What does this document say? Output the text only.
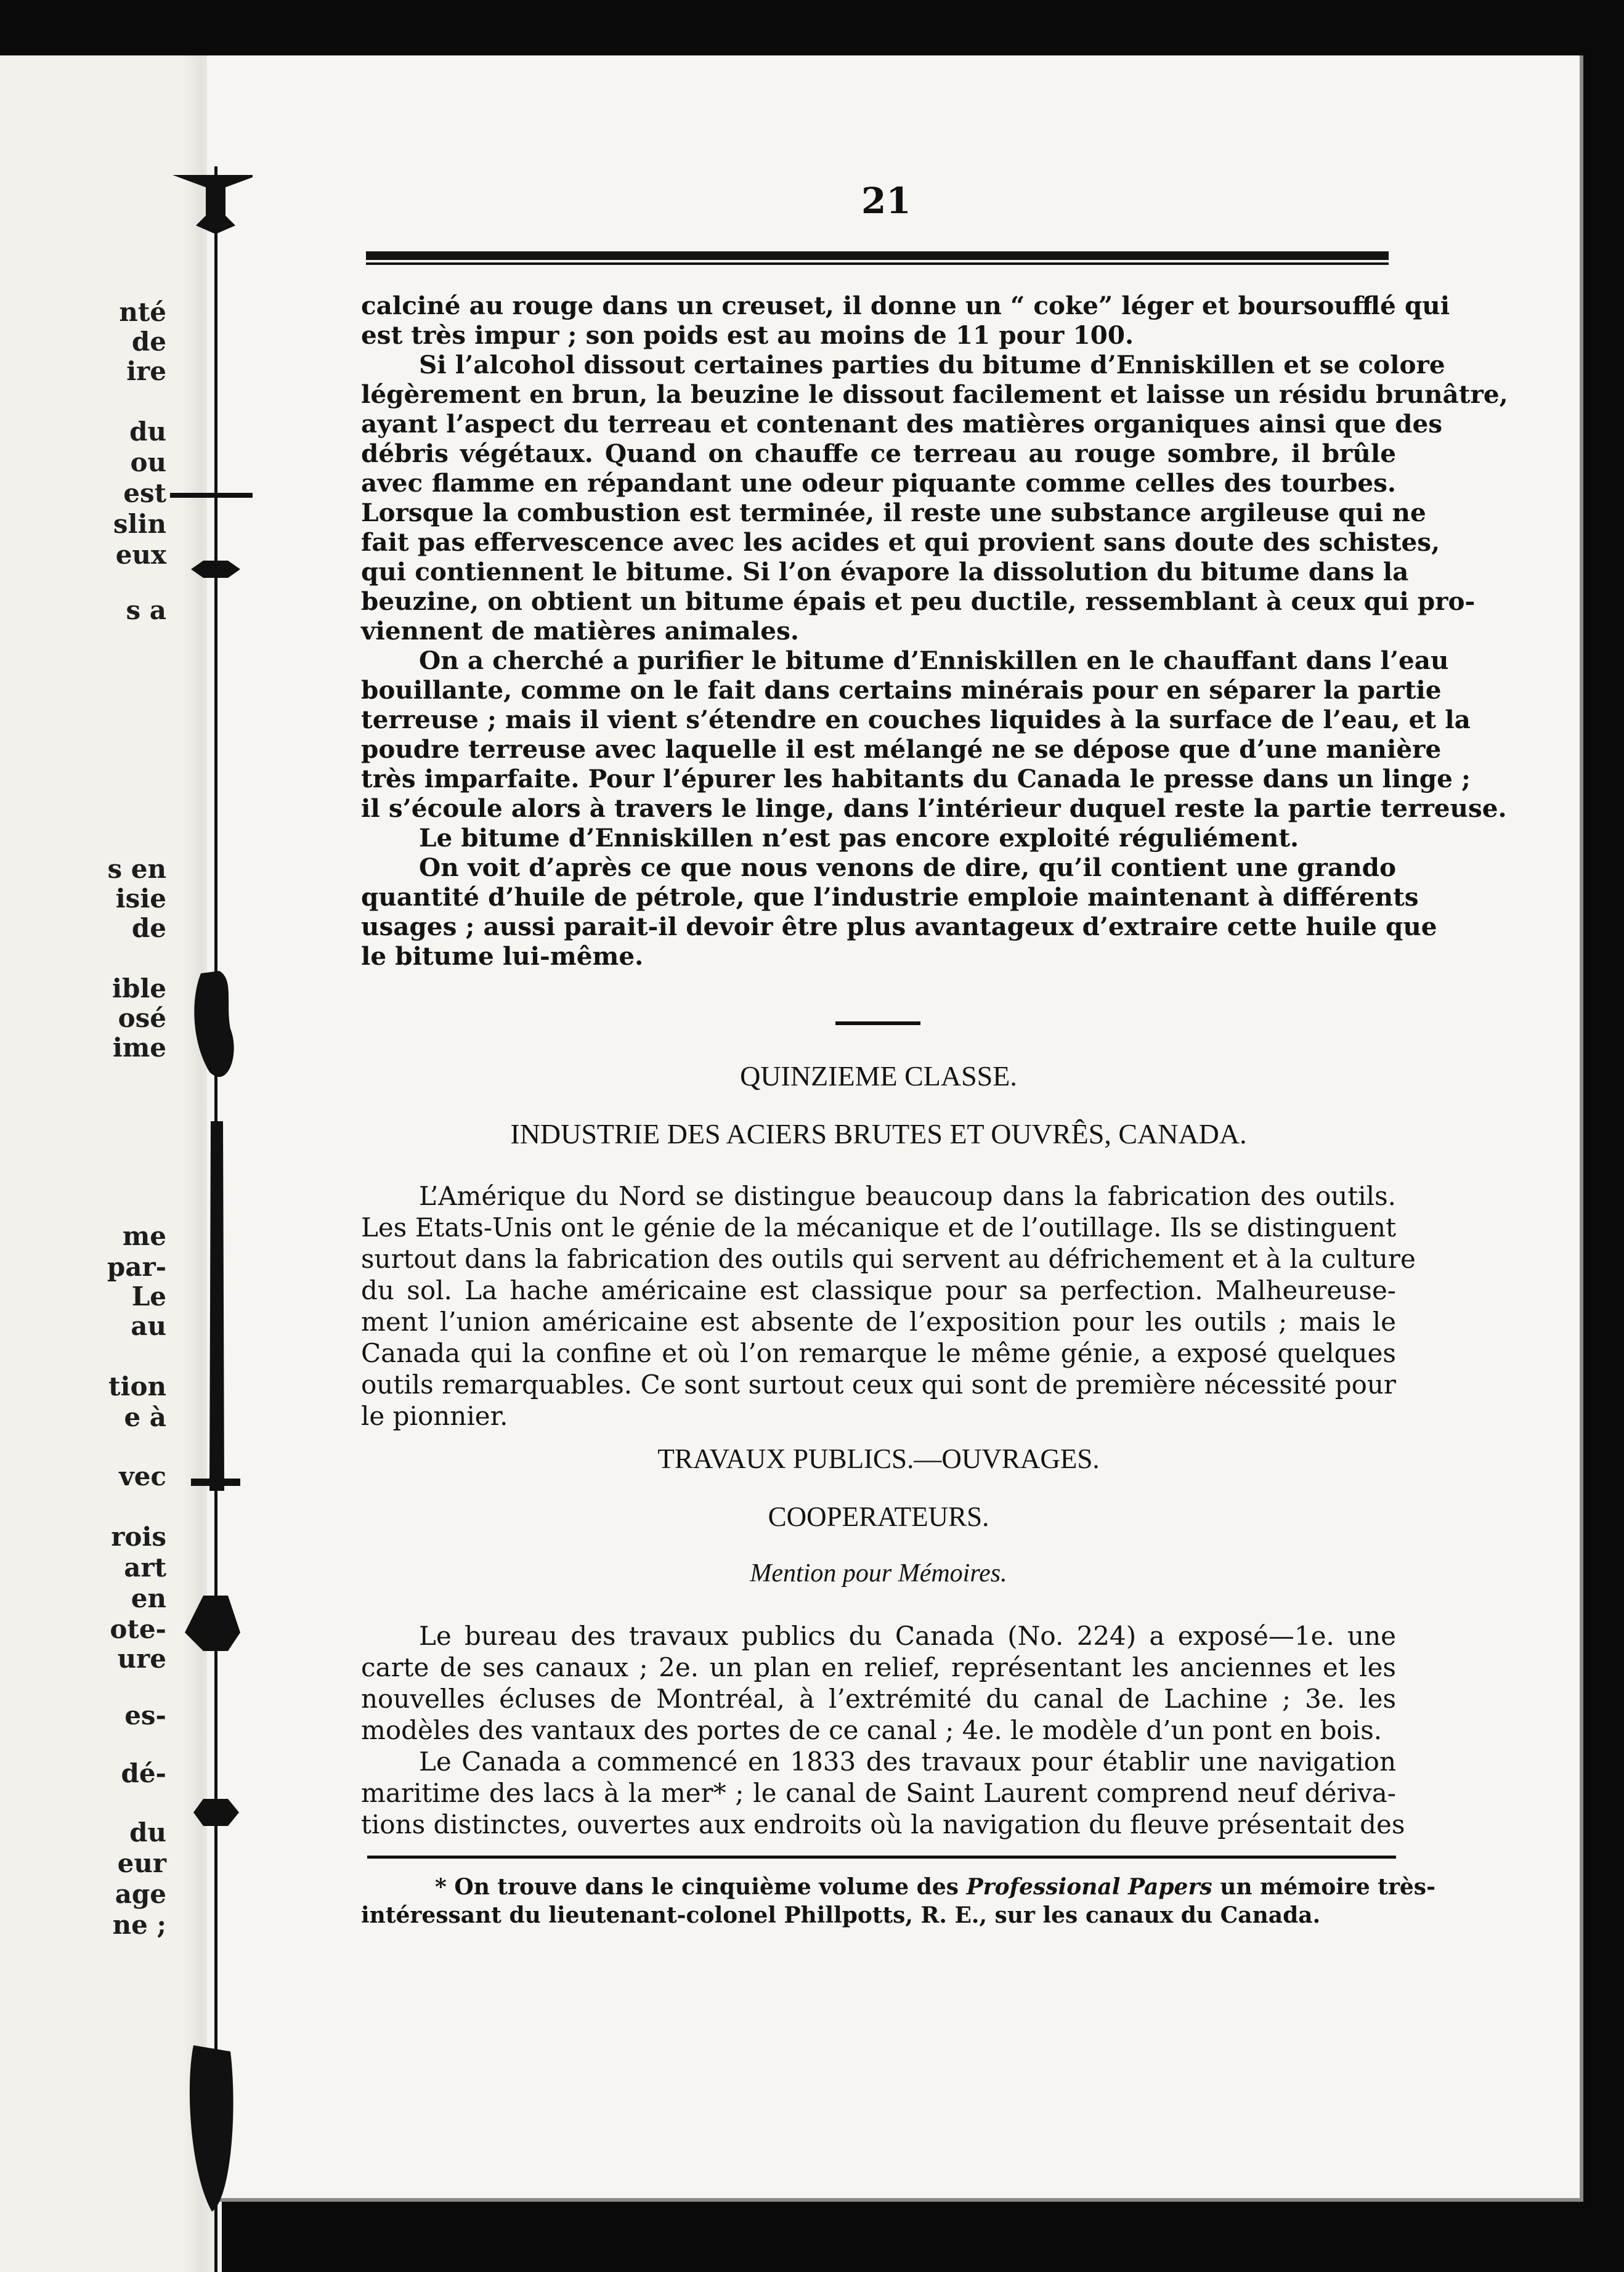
nté
de
ire
du
ou
est
slin
eux
s a
s en
isie
de
ible
osé
ime
me
par-
Le
au
tion
e à
vec
rois
art
en
ote-
ure
es-
dé-
du
eur
age
ne ;
21
calciné au rouge dans un creuset, il donne un “ coke” léger et boursoufflé qui
est très impur ; son poids est au moins de 11 pour 100.
Si l’alcohol dissout certaines parties du bitume d’Enniskillen et se colore
légèrement en brun, la beuzine le dissout facilement et laisse un résidu brunâtre,
ayant l’aspect du terreau et contenant des matières organiques ainsi que des
débris végétaux. Quand on chauffe ce terreau au rouge sombre, il brûle
avec flamme en répandant une odeur piquante comme celles des tourbes.
Lorsque la combustion est terminée, il reste une substance argileuse qui ne
fait pas effervescence avec les acides et qui provient sans doute des schistes,
qui contiennent le bitume. Si l’on évapore la dissolution du bitume dans la
beuzine, on obtient un bitume épais et peu ductile, ressemblant à ceux qui pro-
viennent de matières animales.
On a cherché a purifier le bitume d’Enniskillen en le chauffant dans l’eau
bouillante, comme on le fait dans certains minérais pour en séparer la partie
terreuse ; mais il vient s’étendre en couches liquides à la surface de l’eau, et la
poudre terreuse avec laquelle il est mélangé ne se dépose que d’une manière
très imparfaite. Pour l’épurer les habitants du Canada le presse dans un linge ;
il s’écoule alors à travers le linge, dans l’intérieur duquel reste la partie terreuse.
Le bitume d’Enniskillen n’est pas encore exploité réguliément.
On voit d’après ce que nous venons de dire, qu’il contient une grando
quantité d’huile de pétrole, que l’industrie emploie maintenant à différents
usages ; aussi parait-il devoir être plus avantageux d’extraire cette huile que
le bitume lui-même.
QUINZIEME CLASSE.
INDUSTRIE DES ACIERS BRUTES ET OUVRÊS, CANADA.
L’Amérique du Nord se distingue beaucoup dans la fabrication des outils.
Les Etats-Unis ont le génie de la mécanique et de l’outillage. Ils se distinguent
surtout dans la fabrication des outils qui servent au défrichement et à la culture
du sol. La hache américaine est classique pour sa perfection. Malheureuse-
ment l’union américaine est absente de l’exposition pour les outils ; mais le
Canada qui la confine et où l’on remarque le même génie, a exposé quelques
outils remarquables. Ce sont surtout ceux qui sont de première nécessité pour
le pionnier.
TRAVAUX PUBLICS.—OUVRAGES.
COOPERATEURS.
Mention pour Mémoires.
Le bureau des travaux publics du Canada (No. 224) a exposé—1e. une
carte de ses canaux ; 2e. un plan en relief, représentant les anciennes et les
nouvelles écluses de Montréal, à l’extrémité du canal de Lachine ; 3e. les
modèles des vantaux des portes de ce canal ; 4e. le modèle d’un pont en bois.
Le Canada a commencé en 1833 des travaux pour établir une navigation
maritime des lacs à la mer* ; le canal de Saint Laurent comprend neuf dériva-
tions distinctes, ouvertes aux endroits où la navigation du fleuve présentait des
* On trouve dans le cinquième volume des Professional Papers un mémoire très-
intéressant du lieutenant-colonel Phillpotts, R. E., sur les canaux du Canada.
